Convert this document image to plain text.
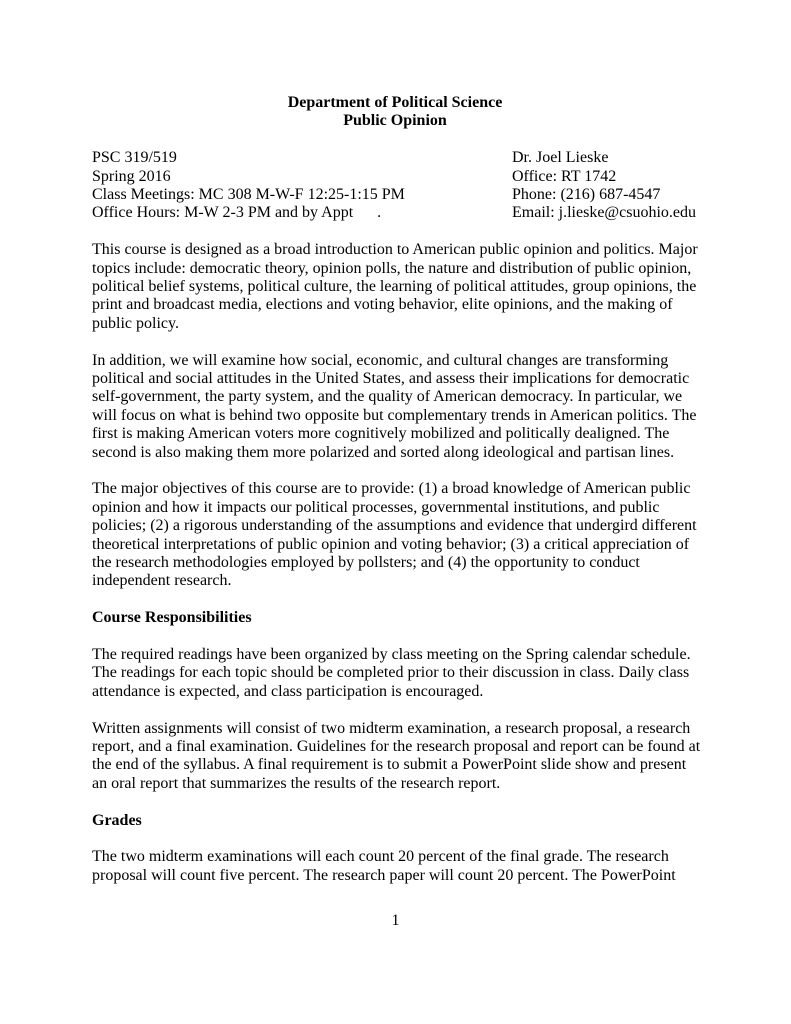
Department of Political Science
Public Opinion
PSC 319/519
Spring 2016
Class Meetings: MC 308 M-W-F 12:25-1:15 PM
Office Hours: M-W 2-3 PM and by Appt .
Dr. Joel Lieske
Office: RT 1742
Phone: (216) 687-4547
Email: j.lieske@csuohio.edu

This course is designed as a broad introduction to American public opinion and politics. Major topics include: democratic theory, opinion polls, the nature and distribution of public opinion, political belief systems, political culture, the learning of political attitudes, group opinions, the print and broadcast media, elections and voting behavior, elite opinions, and the making of public policy.

In addition, we will examine how social, economic, and cultural changes are transforming political and social attitudes in the United States, and assess their implications for democratic self-government, the party system, and the quality of American democracy. In particular, we will focus on what is behind two opposite but complementary trends in American politics. The first is making American voters more cognitively mobilized and politically dealigned. The second is also making them more polarized and sorted along ideological and partisan lines.

The major objectives of this course are to provide: (1) a broad knowledge of American public opinion and how it impacts our political processes, governmental institutions, and public policies; (2) a rigorous understanding of the assumptions and evidence that undergird different theoretical interpretations of public opinion and voting behavior; (3) a critical appreciation of the research methodologies employed by pollsters; and (4) the opportunity to conduct independent research.

Course Responsibilities

The required readings have been organized by class meeting on the Spring calendar schedule. The readings for each topic should be completed prior to their discussion in class. Daily class attendance is expected, and class participation is encouraged.

Written assignments will consist of two midterm examination, a research proposal, a research report, and a final examination. Guidelines for the research proposal and report can be found at the end of the syllabus. A final requirement is to submit a PowerPoint slide show and present an oral report that summarizes the results of the research report.

Grades

The two midterm examinations will each count 20 percent of the final grade. The research proposal will count five percent. The research paper will count 20 percent. The PowerPoint

1
